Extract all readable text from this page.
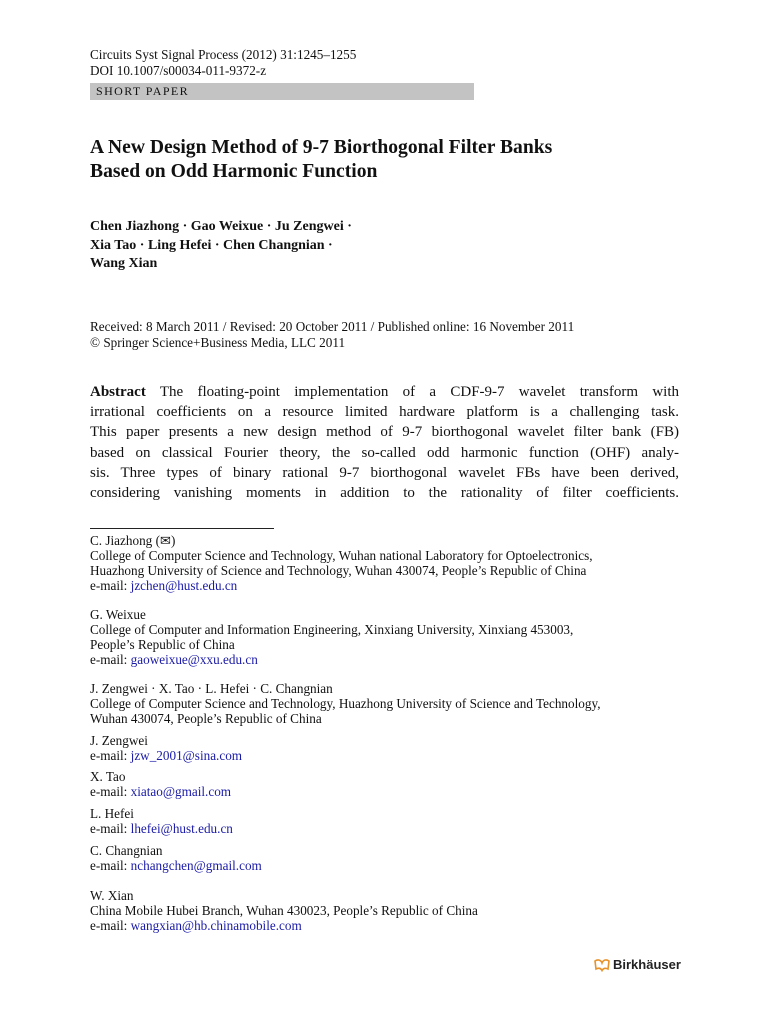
Circuits Syst Signal Process (2012) 31:1245–1255
DOI 10.1007/s00034-011-9372-z
SHORT PAPER
A New Design Method of 9-7 Biorthogonal Filter Banks
Based on Odd Harmonic Function
Chen Jiazhong · Gao Weixue · Ju Zengwei ·
Xia Tao · Ling Hefei · Chen Changnian ·
Wang Xian
Received: 8 March 2011 / Revised: 20 October 2011 / Published online: 16 November 2011
© Springer Science+Business Media, LLC 2011
Abstract The floating-point implementation of a CDF-9-7 wavelet transform with
irrational coefficients on a resource limited hardware platform is a challenging task.
This paper presents a new design method of 9-7 biorthogonal wavelet filter bank (FB)
based on classical Fourier theory, the so-called odd harmonic function (OHF) analy-
sis. Three types of binary rational 9-7 biorthogonal wavelet FBs have been derived,
considering vanishing moments in addition to the rationality of filter coefficients.
C. Jiazhong (✉)
College of Computer Science and Technology, Wuhan national Laboratory for Optoelectronics,
Huazhong University of Science and Technology, Wuhan 430074, People’s Republic of China
e-mail: jzchen@hust.edu.cn
G. Weixue
College of Computer and Information Engineering, Xinxiang University, Xinxiang 453003,
People’s Republic of China
e-mail: gaoweixue@xxu.edu.cn
J. Zengwei · X. Tao · L. Hefei · C. Changnian
College of Computer Science and Technology, Huazhong University of Science and Technology,
Wuhan 430074, People’s Republic of China
J. Zengwei
e-mail: jzw_2001@sina.com
X. Tao
e-mail: xiatao@gmail.com
L. Hefei
e-mail: lhefei@hust.edu.cn
C. Changnian
e-mail: nchangchen@gmail.com
W. Xian
China Mobile Hubei Branch, Wuhan 430023, People’s Republic of China
e-mail: wangxian@hb.chinamobile.com
Birkhäuser
